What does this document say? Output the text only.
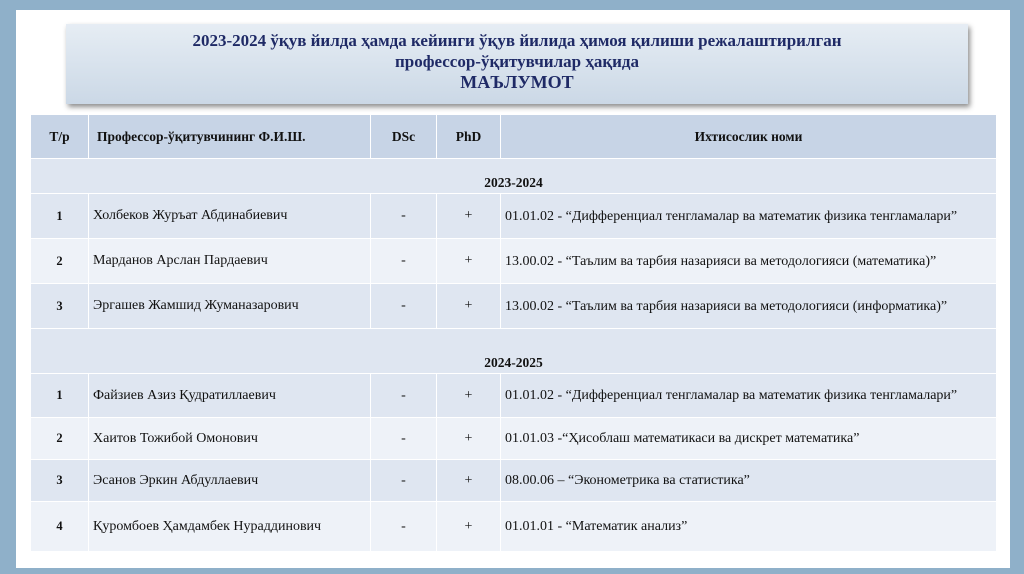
2023-2024 ўқув йилда ҳамда кейинги ўқув йилида ҳимоя қилиши режалаштирилган
профессор-ўқитувчилар ҳақида
МАЪЛУМОТ
Т/р	Профессор-ўқитувчининг Ф.И.Ш.	DSc	PhD	Ихтисослик номи
2023-2024				
1	Холбеков Журъат Абдинабиевич	-	+	01.01.02 - “Дифференциал тенгламалар ва математик физика тенгламалари”
2	Марданов Арслан Пардаевич	-	+	13.00.02 - “Таълим ва тарбия назарияси ва методологияси (математика)”
3	Эргашев Жамшид Жуманазарович	-	+	13.00.02 - “Таълим ва тарбия назарияси ва методологияси (информатика)”
2024-2025				
1	Файзиев Азиз Қудратиллаевич	-	+	01.01.02 - “Дифференциал тенгламалар ва математик физика тенгламалари”
2	Хаитов Тожибой Омонович	-	+	01.01.03 -“Ҳисоблаш математикаси ва дискрет математика”
3	Эсанов Эркин Абдуллаевич	-	+	08.00.06 – “Эконометрика ва статистика”
4	Қуромбоев Ҳамдамбек Нураддинович	-	+	01.01.01 - “Математик анализ”
